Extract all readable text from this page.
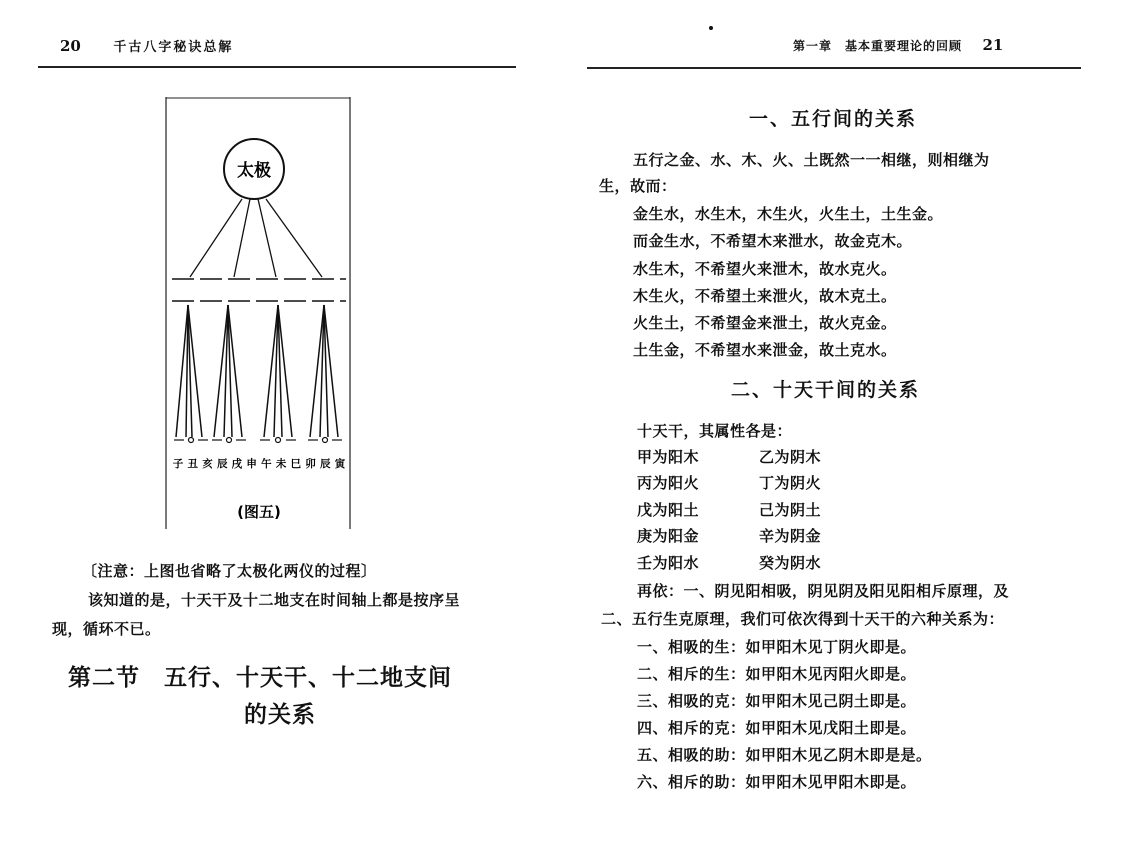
20 千古八字秘诀总解
太极
子 丑 亥 辰 戌 申 午 未 巳 卯 辰 寅
(图五)
〔注意：上图也省略了太极化两仪的过程〕
该知道的是，十天干及十二地支在时间轴上都是按序呈
现，循环不已。
第二节　五行、十天干、十二地支间
的关系
第一章　基本重要理论的回顾 21
一、五行间的关系
五行之金、水、木、火、土既然一一相继，则相继为
生，故而：
金生水，水生木，木生火，火生土，土生金。
而金生水，不希望木来泄水，故金克木。
水生木，不希望火来泄木，故水克火。
木生火，不希望土来泄火，故木克土。
火生土，不希望金来泄土，故火克金。
土生金，不希望水来泄金，故土克水。
二、十天干间的关系
十天干，其属性各是：
甲为阳木	乙为阴木
丙为阳火	丁为阴火
戊为阳土	己为阴土
庚为阳金	辛为阴金
壬为阳水	癸为阴水
再依：一、阴见阳相吸，阴见阴及阳见阳相斥原理，及
二、五行生克原理，我们可依次得到十天干的六种关系为：
一、相吸的生：如甲阳木见丁阴火即是。
二、相斥的生：如甲阳木见丙阳火即是。
三、相吸的克：如甲阳木见己阴土即是。
四、相斥的克：如甲阳木见戊阳土即是。
五、相吸的助：如甲阳木见乙阴木即是是。
六、相斥的助：如甲阳木见甲阳木即是。
